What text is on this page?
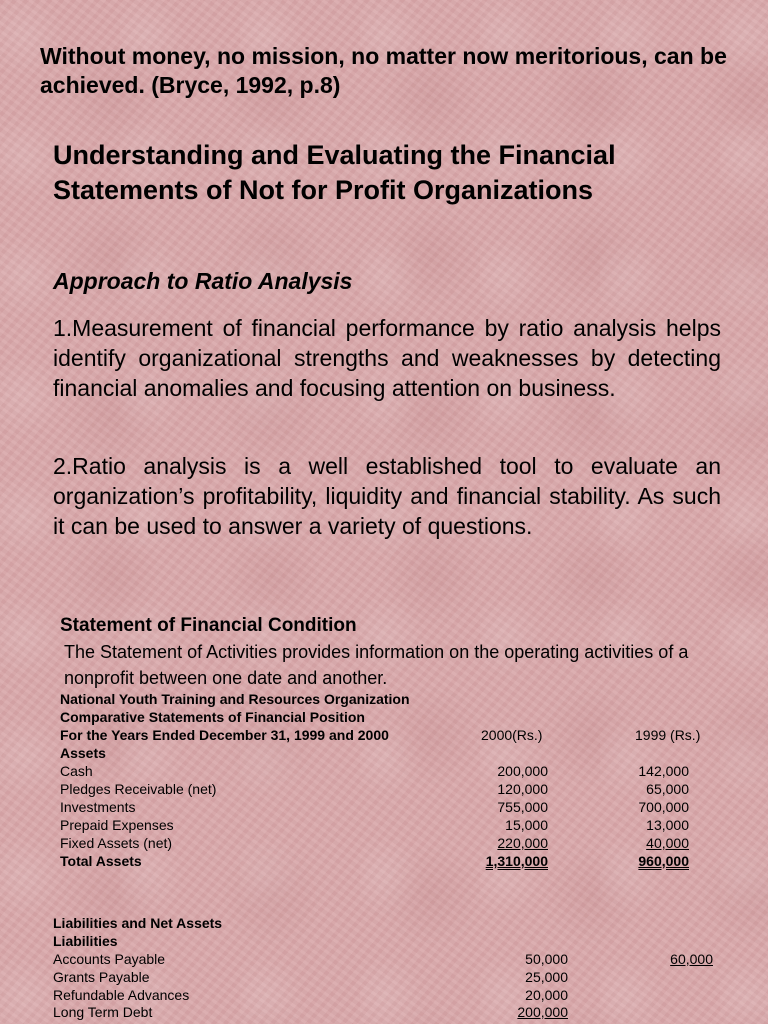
Without money, no mission, no matter now meritorious, can be achieved. (Bryce, 1992, p.8)

Understanding and Evaluating the Financial Statements of Not for Profit Organizations

Approach to Ratio Analysis

1.Measurement of financial performance by ratio analysis helps identify organizational strengths and weaknesses by detecting financial anomalies and focusing attention on business.

2.Ratio analysis is a well established tool to evaluate an organization’s profitability, liquidity and financial stability. As such it can be used to answer a variety of questions.

Statement of Financial Condition

The Statement of Activities provides information on the operating activities of a nonprofit between one date and another.

National Youth Training and Resources Organization
Comparative Statements of Financial Position
For the Years Ended December 31, 1999 and 2000	2000(Rs.)	1999 (Rs.)
Assets
Cash	200,000	142,000
Pledges Receivable (net)	120,000	65,000
Investments	755,000	700,000
Prepaid Expenses	15,000	13,000
Fixed Assets (net)	220,000	40,000
Total Assets	1,310,000	960,000
Liabilities and Net Assets
Liabilities
Accounts Payable	50,000	60,000
Grants Payable	25,000
Refundable Advances	20,000
Long Term Debt	200,000
